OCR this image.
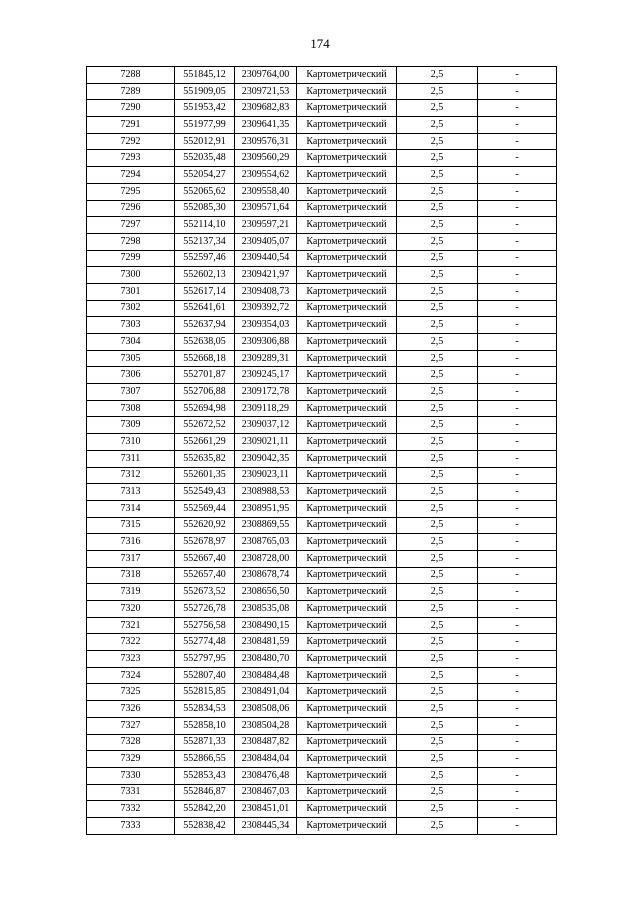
174
7288	551845,12	2309764,00	Картометрический	2,5	-
7289	551909,05	2309721,53	Картометрический	2,5	-
7290	551953,42	2309682,83	Картометрический	2,5	-
7291	551977,99	2309641,35	Картометрический	2,5	-
7292	552012,91	2309576,31	Картометрический	2,5	-
7293	552035,48	2309560,29	Картометрический	2,5	-
7294	552054,27	2309554,62	Картометрический	2,5	-
7295	552065,62	2309558,40	Картометрический	2,5	-
7296	552085,30	2309571,64	Картометрический	2,5	-
7297	552114,10	2309597,21	Картометрический	2,5	-
7298	552137,34	2309405,07	Картометрический	2,5	-
7299	552597,46	2309440,54	Картометрический	2,5	-
7300	552602,13	2309421,97	Картометрический	2,5	-
7301	552617,14	2309408,73	Картометрический	2,5	-
7302	552641,61	2309392,72	Картометрический	2,5	-
7303	552637,94	2309354,03	Картометрический	2,5	-
7304	552638,05	2309306,88	Картометрический	2,5	-
7305	552668,18	2309289,31	Картометрический	2,5	-
7306	552701,87	2309245,17	Картометрический	2,5	-
7307	552706,88	2309172,78	Картометрический	2,5	-
7308	552694,98	2309118,29	Картометрический	2,5	-
7309	552672,52	2309037,12	Картометрический	2,5	-
7310	552661,29	2309021,11	Картометрический	2,5	-
7311	552635,82	2309042,35	Картометрический	2,5	-
7312	552601,35	2309023,11	Картометрический	2,5	-
7313	552549,43	2308988,53	Картометрический	2,5	-
7314	552569,44	2308951,95	Картометрический	2,5	-
7315	552620,92	2308869,55	Картометрический	2,5	-
7316	552678,97	2308765,03	Картометрический	2,5	-
7317	552667,40	2308728,00	Картометрический	2,5	-
7318	552657,40	2308678,74	Картометрический	2,5	-
7319	552673,52	2308656,50	Картометрический	2,5	-
7320	552726,78	2308535,08	Картометрический	2,5	-
7321	552756,58	2308490,15	Картометрический	2,5	-
7322	552774,48	2308481,59	Картометрический	2,5	-
7323	552797,95	2308480,70	Картометрический	2,5	-
7324	552807,40	2308484,48	Картометрический	2,5	-
7325	552815,85	2308491,04	Картометрический	2,5	-
7326	552834,53	2308508,06	Картометрический	2,5	-
7327	552858,10	2308504,28	Картометрический	2,5	-
7328	552871,33	2308487,82	Картометрический	2,5	-
7329	552866,55	2308484,04	Картометрический	2,5	-
7330	552853,43	2308476,48	Картометрический	2,5	-
7331	552846,87	2308467,03	Картометрический	2,5	-
7332	552842,20	2308451,01	Картометрический	2,5	-
7333	552838,42	2308445,34	Картометрический	2,5	-
